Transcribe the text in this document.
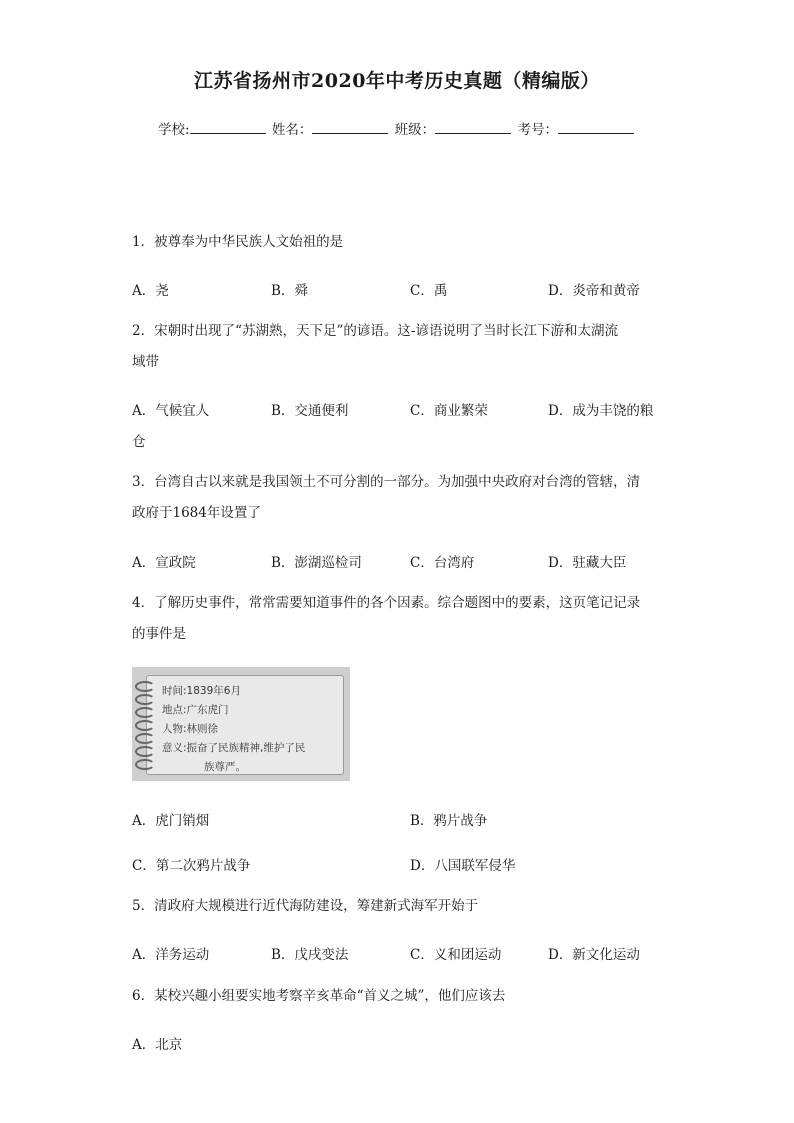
江苏省扬州市2020年中考历史真题（精编版）
学校:	姓名：	班级：	考号：
1．被尊奉为中华民族人文始祖的是
A．尧	B．舜	C．禹	D．炎帝和黄帝
2．宋朝时出现了“苏湖熟，天下足”的谚语。这-谚语说明了当时长江下游和太湖流
域带
A．气候宜人	B．交通便利	C．商业繁荣	D．成为丰饶的粮
仓
3．台湾自古以来就是我国领土不可分割的一部分。为加强中央政府对台湾的管辖，清
政府于1684年设置了
A．宣政院	B．澎湖巡检司	C．台湾府	D．驻藏大臣
4．了解历史事件，常常需要知道事件的各个因素。综合题图中的要素，这页笔记记录
的事件是
时间:1839年6月
地点:广东虎门
人物:林则徐
意义:振奋了民族精神,维护了民
族尊严。
A．虎门销烟	B．鸦片战争
C．第二次鸦片战争	D．八国联军侵华
5．清政府大规模进行近代海防建设，筹建新式海军开始于
A．洋务运动	B．戊戌变法	C．义和团运动	D．新文化运动
6．某校兴趣小组要实地考察辛亥革命“首义之城”，他们应该去
A．北京
